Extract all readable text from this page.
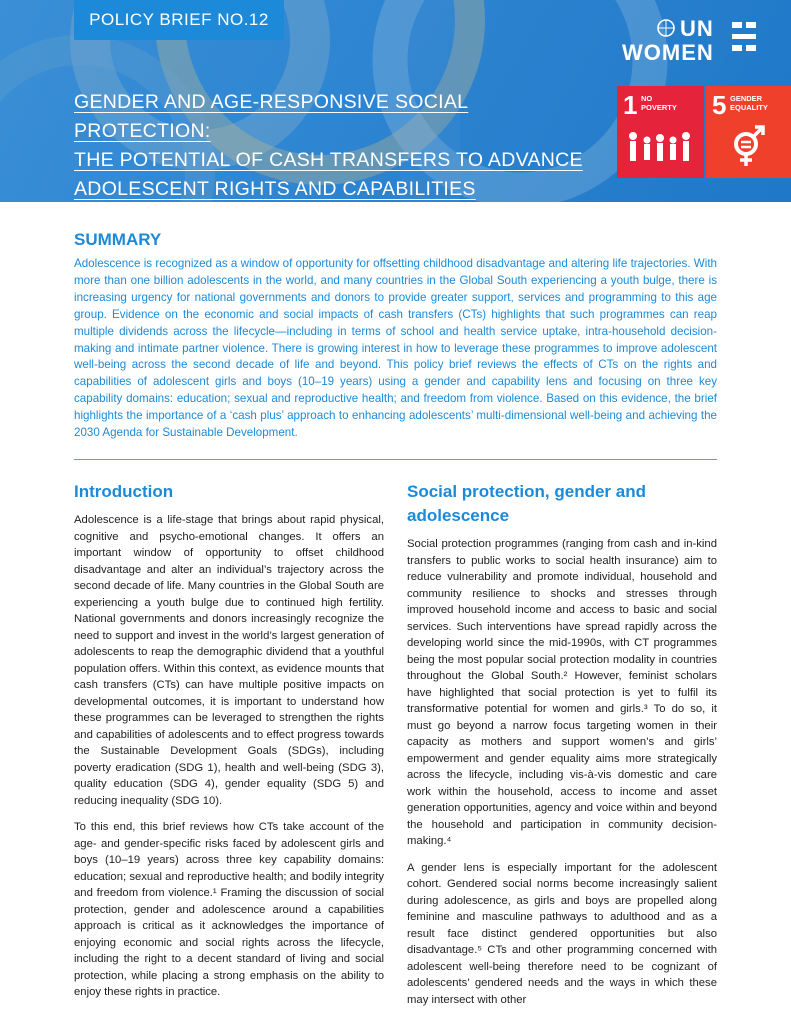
POLICY BRIEF NO.12
GENDER AND AGE-RESPONSIVE SOCIAL PROTECTION:
THE POTENTIAL OF CASH TRANSFERS TO ADVANCE
ADOLESCENT RIGHTS AND CAPABILITIES
UN
WOMEN
1 NO
POVERTY 5 GENDER
EQUALITY
SUMMARY

Adolescence is recognized as a window of opportunity for offsetting childhood disadvantage and altering life trajectories. With more than one billion adolescents in the world, and many countries in the Global South experiencing a youth bulge, there is increasing urgency for national governments and donors to provide greater support, services and programming to this age group. Evidence on the economic and social impacts of cash transfers (CTs) highlights that such programmes can reap multiple dividends across the lifecycle—including in terms of school and health service uptake, intra-household decision-making and intimate partner violence. There is growing interest in how to leverage these programmes to improve adolescent well-being across the second decade of life and beyond. This policy brief reviews the effects of CTs on the rights and capabilities of adolescent girls and boys (10–19 years) using a gender and capability lens and focusing on three key capability domains: education; sexual and reproductive health; and freedom from violence. Based on this evidence, the brief highlights the importance of a ‘cash plus’ approach to enhancing adolescents’ multi-dimensional well-being and achieving the 2030 Agenda for Sustainable Development.

Introduction

Adolescence is a life-stage that brings about rapid physical, cognitive and psycho-emotional changes. It offers an important window of opportunity to offset childhood disadvantage and alter an individual’s trajectory across the second decade of life. Many countries in the Global South are experiencing a youth bulge due to continued high fertility. National governments and donors increasingly recognize the need to support and invest in the world’s largest generation of adolescents to reap the demographic dividend that a youthful population offers. Within this context, as evidence mounts that cash transfers (CTs) can have multiple positive impacts on developmental outcomes, it is important to understand how these programmes can be leveraged to strengthen the rights and capabilities of adolescents and to effect progress towards the Sustainable Development Goals (SDGs), including poverty eradication (SDG 1), health and well-being (SDG 3), quality education (SDG 4), gender equality (SDG 5) and reducing inequality (SDG 10).

To this end, this brief reviews how CTs take account of the age- and gender-specific risks faced by adolescent girls and boys (10–19 years) across three key capability domains: education; sexual and reproductive health; and bodily integrity and freedom from violence.¹ Framing the discussion of social protection, gender and adolescence around a capabilities approach is critical as it acknowledges the importance of enjoying economic and social rights across the lifecycle, including the right to a decent standard of living and social protection, while placing a strong emphasis on the ability to enjoy these rights in practice.

Social protection, gender and adolescence

Social protection programmes (ranging from cash and in-kind transfers to public works to social health insurance) aim to reduce vulnerability and promote individual, household and community resilience to shocks and stresses through improved household income and access to basic and social services. Such interventions have spread rapidly across the developing world since the mid-1990s, with CT programmes being the most popular social protection modality in countries throughout the Global South.² However, feminist scholars have highlighted that social protection is yet to fulfil its transformative potential for women and girls.³ To do so, it must go beyond a narrow focus targeting women in their capacity as mothers and support women’s and girls’ empowerment and gender equality aims more strategically across the lifecycle, including vis-à-vis domestic and care work within the household, access to income and asset generation opportunities, agency and voice within and beyond the household and participation in community decision-making.⁴

A gender lens is especially important for the adolescent cohort. Gendered social norms become increasingly salient during adolescence, as girls and boys are propelled along feminine and masculine pathways to adulthood and as a result face distinct gendered opportunities but also disadvantage.⁵ CTs and other programming concerned with adolescent well-being therefore need to be cognizant of adolescents’ gendered needs and the ways in which these may intersect with other
